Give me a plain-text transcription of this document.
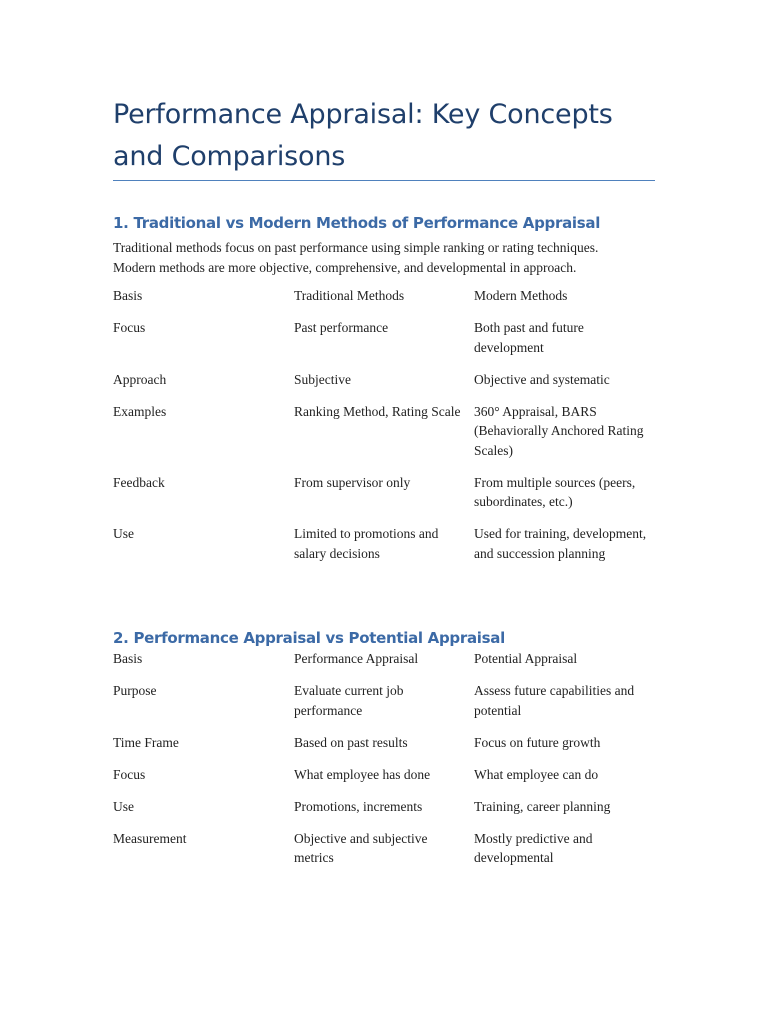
Performance Appraisal: Key Concepts and Comparisons
1. Traditional vs Modern Methods of Performance Appraisal

Traditional methods focus on past performance using simple ranking or rating techniques.
Modern methods are more objective, comprehensive, and developmental in approach.

Basis	Traditional Methods	Modern Methods
Focus	Past performance	Both past and future development
Approach	Subjective	Objective and systematic
Examples	Ranking Method, Rating Scale	360° Appraisal, BARS (Behaviorally Anchored Rating Scales)
Feedback	From supervisor only	From multiple sources (peers, subordinates, etc.)
Use	Limited to promotions and salary decisions	Used for training, development, and succession planning
2. Performance Appraisal vs Potential Appraisal
Basis	Performance Appraisal	Potential Appraisal
Purpose	Evaluate current job performance	Assess future capabilities and potential
Time Frame	Based on past results	Focus on future growth
Focus	What employee has done	What employee can do
Use	Promotions, increments	Training, career planning
Measurement	Objective and subjective metrics	Mostly predictive and developmental
